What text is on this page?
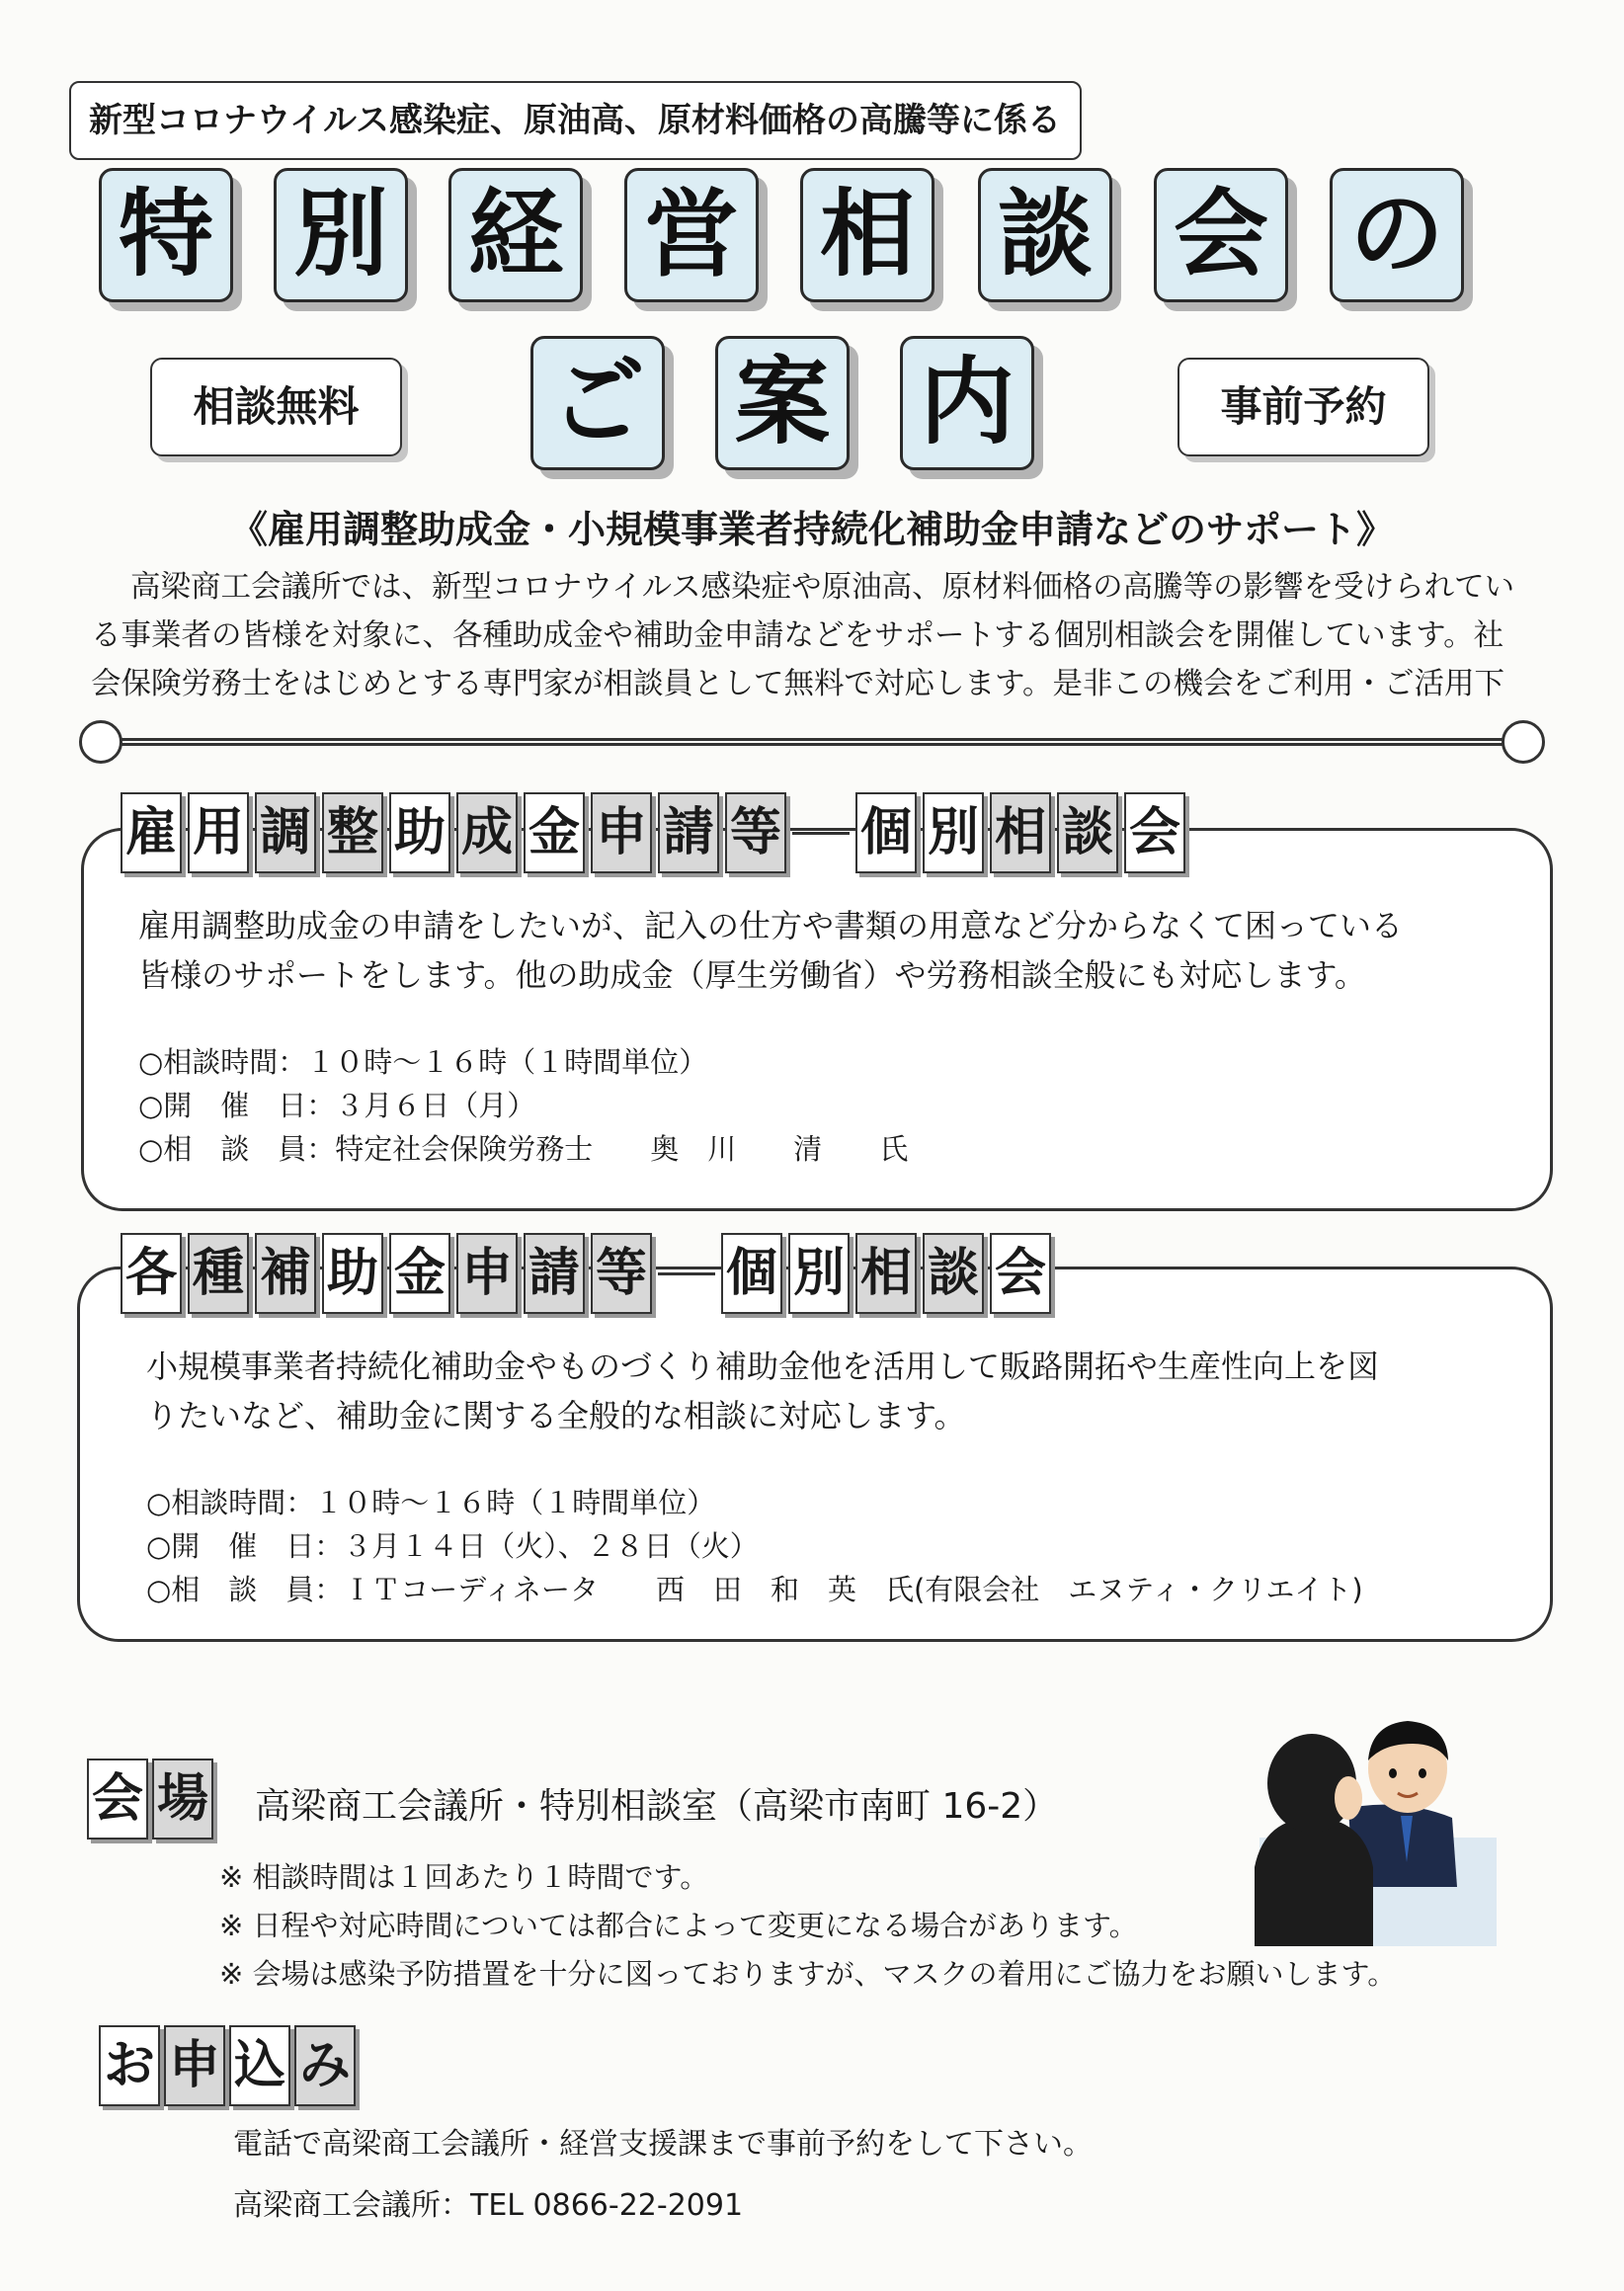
新型コロナウイルス感染症、原油高、原材料価格の高騰等に係る
特 別 経 営 相 談 会 の
相談無料	ご 案 内	事前予約
《雇用調整助成金・小規模事業者持続化補助金申請などのサポート》

高梁商工会議所では、新型コロナウイルス感染症や原油高、原材料価格の高騰等の影響を受けられてい

る事業者の皆様を対象に、各種助成金や補助金申請などをサポートする個別相談会を開催しています。社

会保険労務士をはじめとする専門家が相談員として無料で対応します。是非この機会をご利用・ご活用下

雇 用 調 整 助 成 金 申 請 等 個 別 相 談 会

雇用調整助成金の申請をしたいが、記入の仕方や書類の用意など分からなくて困っている

皆様のサポートをします。他の助成金（厚生労働省）や労務相談全般にも対応します。

○相談時間：１０時～１６時（１時間単位）

○開　催　日：３月６日（月）

○相　談　員：特定社会保険労務士　　奥　川　　清　　氏

各 種 補 助 金 申 請 等 個 別 相 談 会

小規模事業者持続化補助金やものづくり補助金他を活用して販路開拓や生産性向上を図

りたいなど、補助金に関する全般的な相談に対応します。

○相談時間：１０時～１６時（１時間単位）

○開　催　日：３月１４日（火）、２８日（火）

○相　談　員：ＩＴコーディネータ　　西　田　和　英　氏(有限会社　エヌティ・クリエイト)

会 場 高梁商工会議所・特別相談室（高梁市南町 16-2）

※ 相談時間は１回あたり１時間です。

※ 日程や対応時間については都合によって変更になる場合があります。

※ 会場は感染予防措置を十分に図っておりますが、マスクの着用にご協力をお願いします。

お 申 込 み

電話で高梁商工会議所・経営支援課まで事前予約をして下さい。

高梁商工会議所：TEL 0866-22-2091
